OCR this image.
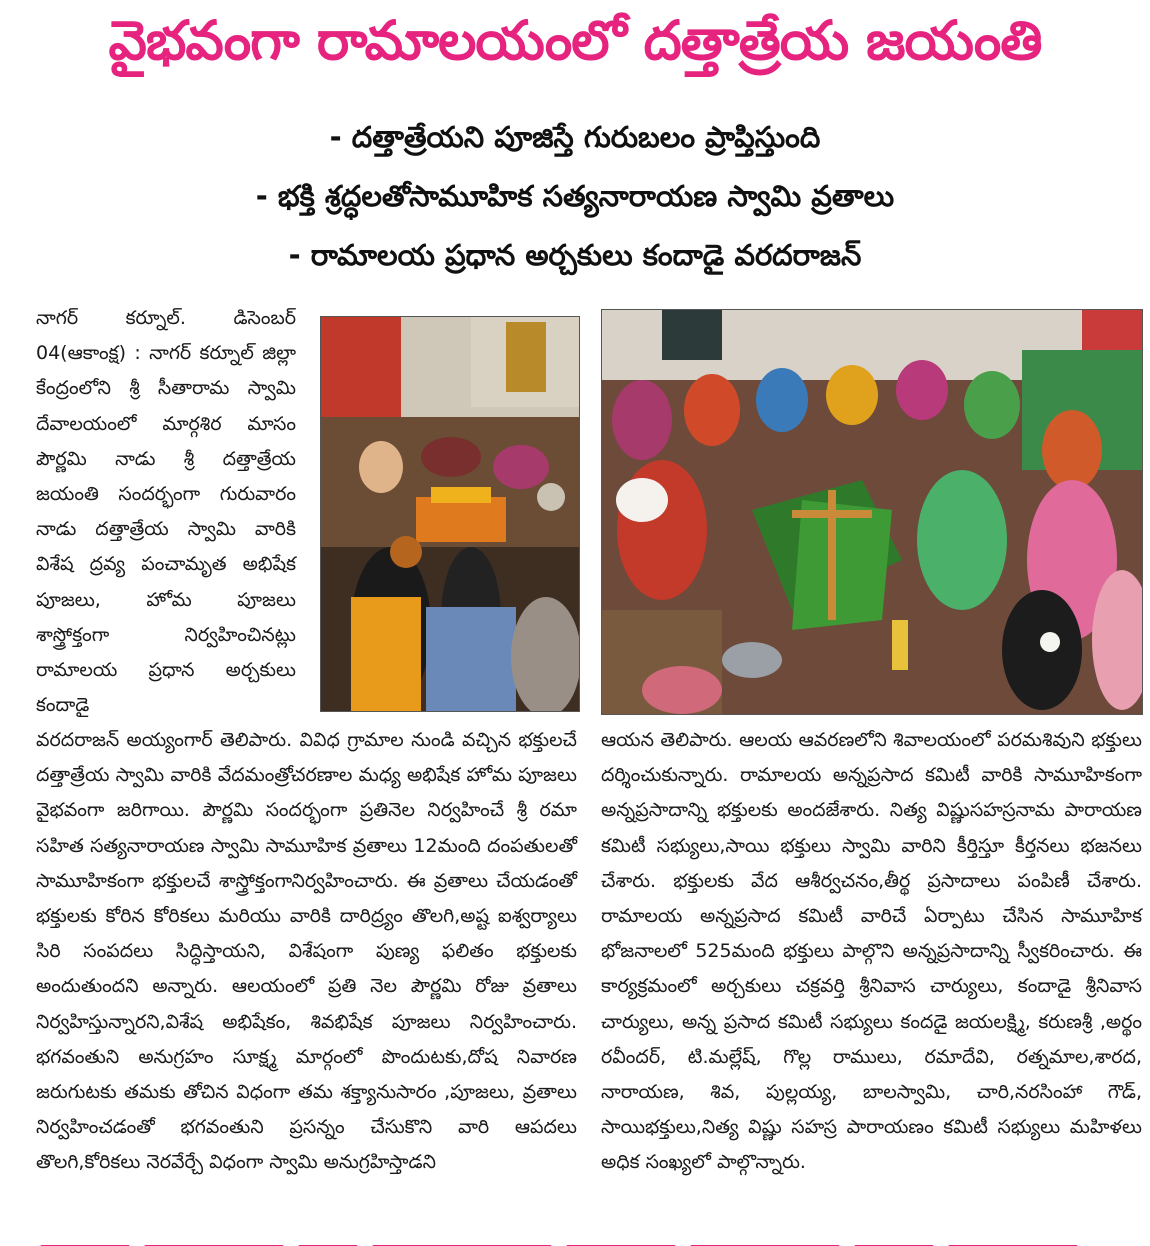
వైభవంగా రామాలయంలో దత్తాత్రేయ జయంతి
- దత్తాత్రేయని పూజిస్తే గురుబలం ప్రాప్తిస్తుంది
- భక్తి శ్రద్ధలతోసామూహిక సత్యనారాయణ స్వామి వ్రతాలు
- రామాలయ ప్రధాన అర్చకులు కందాడై వరదరాజన్

నాగర్ కర్నూల్. డిసెంబర్ 04(ఆకాంక్ష) : నాగర్ కర్నూల్ జిల్లా కేంద్రంలోని శ్రీ సీతారామ స్వామి దేవాలయంలో మార్గశిర మాసం పౌర్ణమి నాడు శ్రీ దత్తాత్రేయ జయంతి సందర్భంగా గురువారం నాడు దత్తాత్రేయ స్వామి వారికి విశేష ద్రవ్య పంచామృత అభిషేక పూజలు, హోమ పూజలు శాస్త్రోక్తంగా నిర్వహించినట్లు రామాలయ ప్రధాన అర్చకులు కందాడై

వరదరాజన్ అయ్యంగార్ తెలిపారు. వివిధ గ్రామాల నుండి వచ్చిన భక్తులచే దత్తాత్రేయ స్వామి వారికి వేదమంత్రోచరణాల మధ్య అభిషేక హోమ పూజలు వైభవంగా జరిగాయి. పౌర్ణమి సందర్భంగా ప్రతినెల నిర్వహించే శ్రీ రమా సహిత సత్యనారాయణ స్వామి సామూహిక వ్రతాలు 12మంది దంపతులతో సామూహికంగా భక్తులచే శాస్త్రోక్తంగానిర్వహించారు. ఈ వ్రతాలు చేయడంతో భక్తులకు కోరిన కోరికలు మరియు వారికి దారిద్ర్యం తొలగి,అష్ట ఐశ్వర్యాలు సిరి సంపదలు సిద్ధిస్తాయని, విశేషంగా పుణ్య ఫలితం భక్తులకు అందుతుందని అన్నారు. ఆలయంలో ప్రతి నెల పౌర్ణమి రోజు వ్రతాలు నిర్వహిస్తున్నారని,విశేష అభిషేకం, శివభిషేక పూజలు నిర్వహించారు. భగవంతుని అనుగ్రహం సూక్ష్మ మార్గంలో పొందుటకు,దోష నివారణ జరుగుటకు తమకు తోచిన విధంగా తమ శక్త్యానుసారం ,పూజలు, వ్రతాలు నిర్వహించడంతో భగవంతుని ప్రసన్నం చేసుకొని వారి ఆపదలు తొలగి,కోరికలు నెరవేర్చే విధంగా స్వామి అనుగ్రహిస్తాడని

ఆయన తెలిపారు. ఆలయ ఆవరణలోని శివాలయంలో పరమశివుని భక్తులు దర్శించుకున్నారు. రామాలయ అన్నప్రసాద కమిటీ వారికి సామూహికంగా అన్నప్రసాదాన్ని భక్తులకు అందజేశారు. నిత్య విష్ణుసహస్రనామ పారాయణ కమిటీ సభ్యులు,సాయి భక్తులు స్వామి వారిని కీర్తిస్తూ కీర్తనలు భజనలు చేశారు. భక్తులకు వేద ఆశీర్వచనం,తీర్థ ప్రసాదాలు పంపిణీ చేశారు. రామాలయ అన్నప్రసాద కమిటీ వారిచే ఏర్పాటు చేసిన సామూహిక భోజనాలలో 525మంది భక్తులు పాల్గొని అన్నప్రసాదాన్ని స్వీకరించారు. ఈ కార్యక్రమంలో అర్చకులు చక్రవర్తి శ్రీనివాస చార్యులు, కందాడై శ్రీనివాస చార్యులు, అన్న ప్రసాద కమిటీ సభ్యులు కందడై జయలక్ష్మి, కరుణశ్రీ ,అర్థం రవీందర్, టి.మల్లేష్, గొల్ల రాములు, రమాదేవి, రత్నమాల,శారద, నారాయణ, శివ, పుల్లయ్య, బాలస్వామి, చారి,నరసింహా గౌడ్, సాయిభక్తులు,నిత్య విష్ణు సహస్ర పారాయణం కమిటీ సభ్యులు మహిళలు అధిక సంఖ్యలో పాల్గొన్నారు.
